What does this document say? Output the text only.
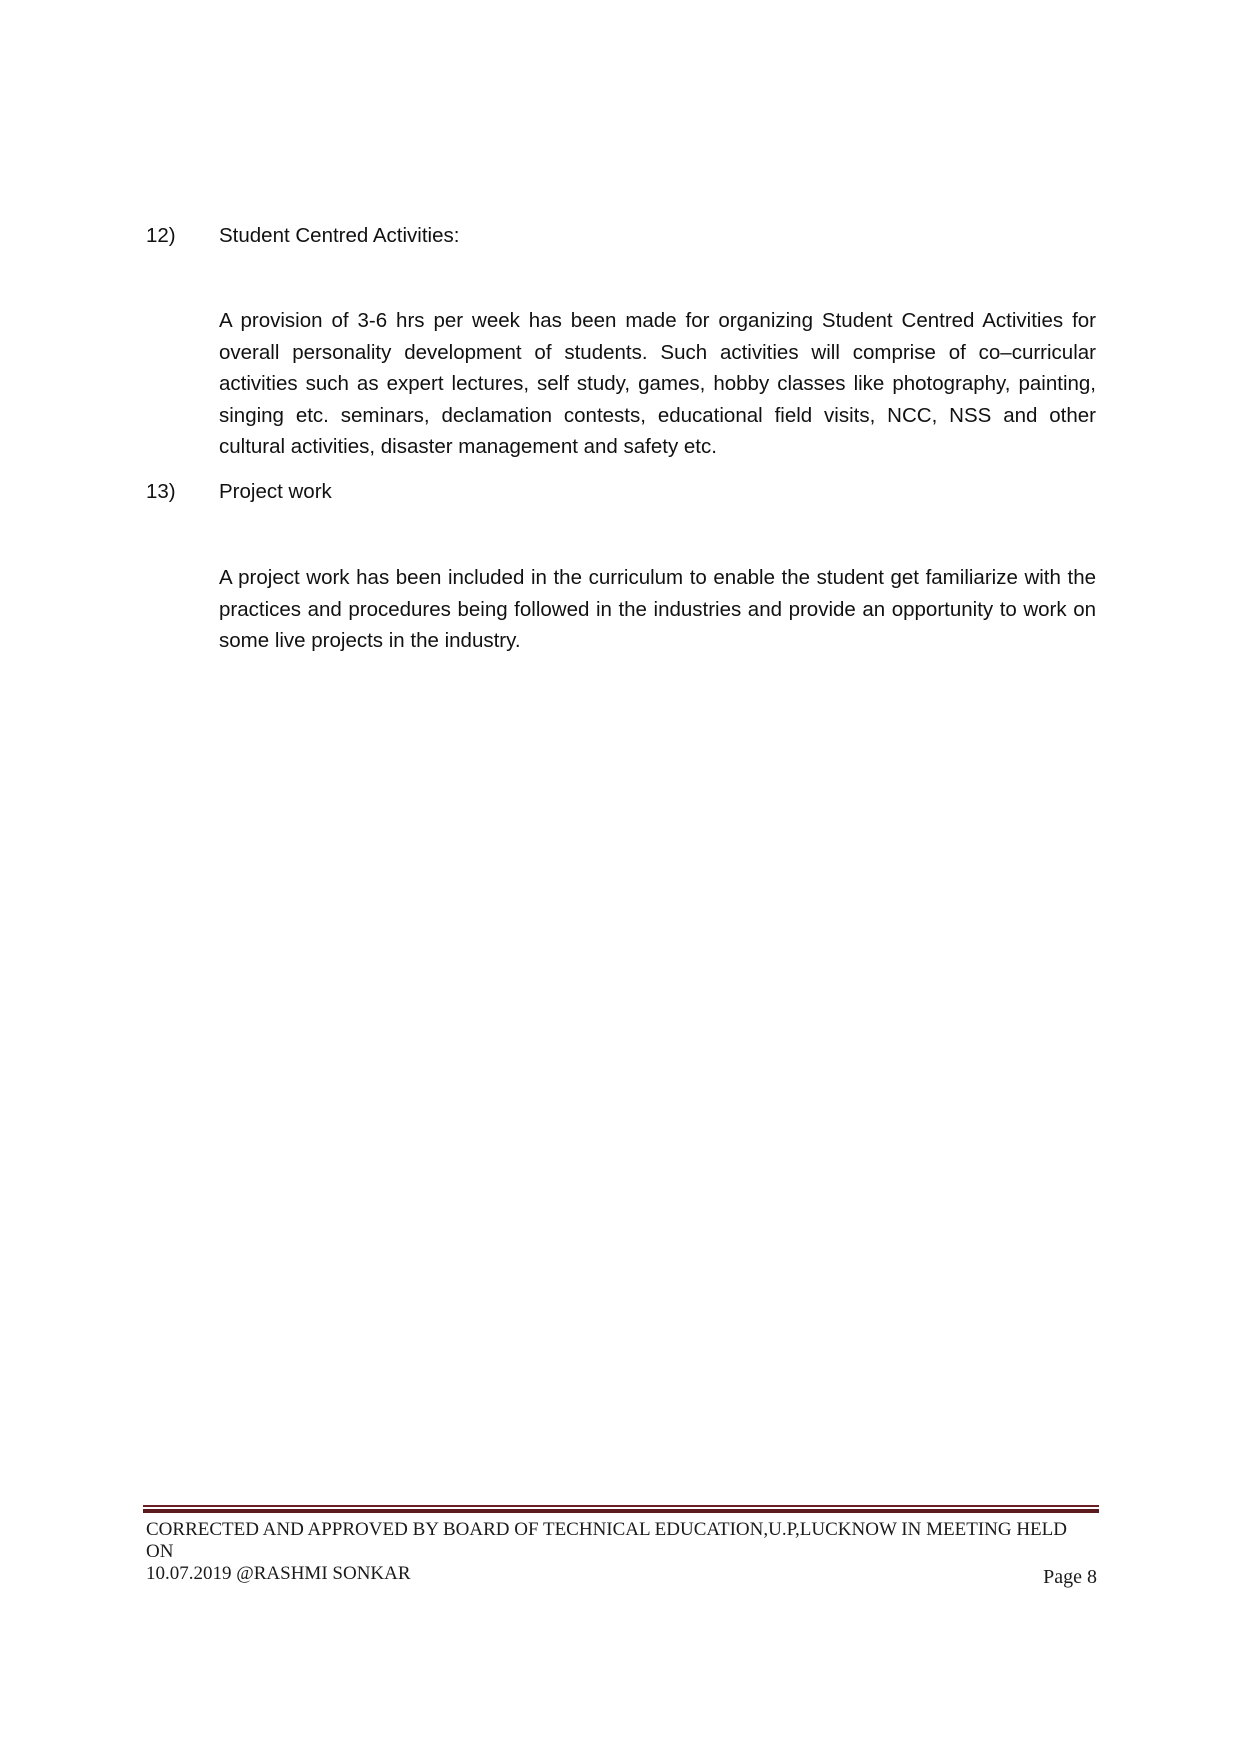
12) Student Centred Activities:

A provision of 3-6 hrs per week has been made for organizing Student Centred Activities for overall personality development of students. Such activities will comprise of co–curricular activities such as expert lectures, self study, games, hobby classes like photography, painting, singing etc. seminars, declamation contests, educational field visits, NCC, NSS and other cultural activities, disaster management and safety etc.

13) Project work

A project work has been included in the curriculum to enable the student get familiarize with the practices and procedures being followed in the industries and provide an opportunity to work on some live projects in the industry.

CORRECTED AND APPROVED BY BOARD OF TECHNICAL EDUCATION,U.P,LUCKNOW IN MEETING HELD ON
10.07.2019 @RASHMI SONKAR	Page 8
